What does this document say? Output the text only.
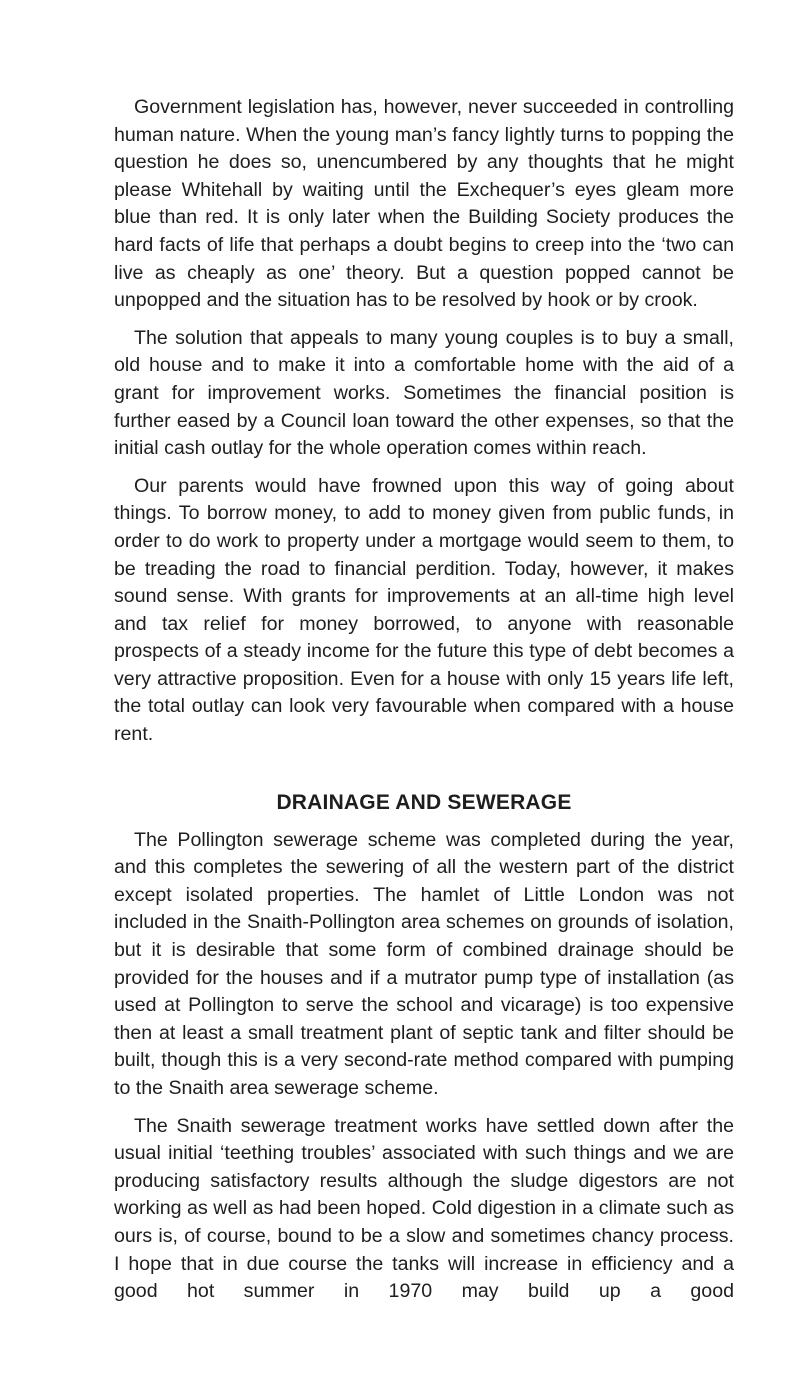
Government legislation has, however, never succeeded in controlling human nature. When the young man’s fancy lightly turns to popping the question he does so, unencumbered by any thoughts that he might please Whitehall by waiting until the Exchequer’s eyes gleam more blue than red. It is only later when the Building Society produces the hard facts of life that perhaps a doubt begins to creep into the ‘two can live as cheaply as one’ theory. But a question popped cannot be unpopped and the situation has to be resolved by hook or by crook.

The solution that appeals to many young couples is to buy a small, old house and to make it into a comfortable home with the aid of a grant for improvement works. Sometimes the financial position is further eased by a Council loan toward the other expenses, so that the initial cash outlay for the whole operation comes within reach.

Our parents would have frowned upon this way of going about things. To borrow money, to add to money given from public funds, in order to do work to property under a mortgage would seem to them, to be treading the road to financial perdition. Today, however, it makes sound sense. With grants for improvements at an all-time high level and tax relief for money borrowed, to anyone with reasonable prospects of a steady income for the future this type of debt becomes a very attractive proposition. Even for a house with only 15 years life left, the total outlay can look very favourable when compared with a house rent.

DRAINAGE AND SEWERAGE

The Pollington sewerage scheme was completed during the year, and this completes the sewering of all the western part of the district except isolated properties. The hamlet of Little London was not included in the Snaith-Pollington area schemes on grounds of isolation, but it is desirable that some form of combined drainage should be provided for the houses and if a mutrator pump type of installation (as used at Pollington to serve the school and vicarage) is too expensive then at least a small treatment plant of septic tank and filter should be built, though this is a very second-rate method compared with pumping to the Snaith area sewerage scheme.

The Snaith sewerage treatment works have settled down after the usual initial ‘teething troubles’ associated with such things and we are producing satisfactory results although the sludge digestors are not working as well as had been hoped. Cold digestion in a climate such as ours is, of course, bound to be a slow and sometimes chancy process. I hope that in due course the tanks will increase in efficiency and a good hot summer in 1970 may build up a good
